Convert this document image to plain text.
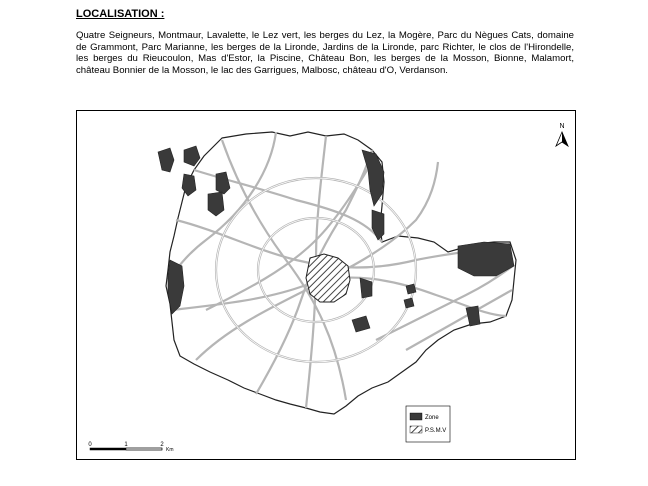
LOCALISATION :

Quatre Seigneurs, Montmaur, Lavalette, le Lez vert, les berges du Lez, la Mogère, Parc du Nègues Cats, domaine de Grammont, Parc Marianne, les berges de la Lironde, Jardins de la Lironde, parc Richter, le clos de l'Hirondelle, les berges du Rieucoulon, Mas d'Estor, la Piscine, Château Bon, les berges de la Mosson, Bionne, Malamort, château Bonnier de la Mosson, le lac des Garrigues, Malbosc, château d'O, Verdanson.

N
Zone
P.S.M.V
0	1	2
Km
